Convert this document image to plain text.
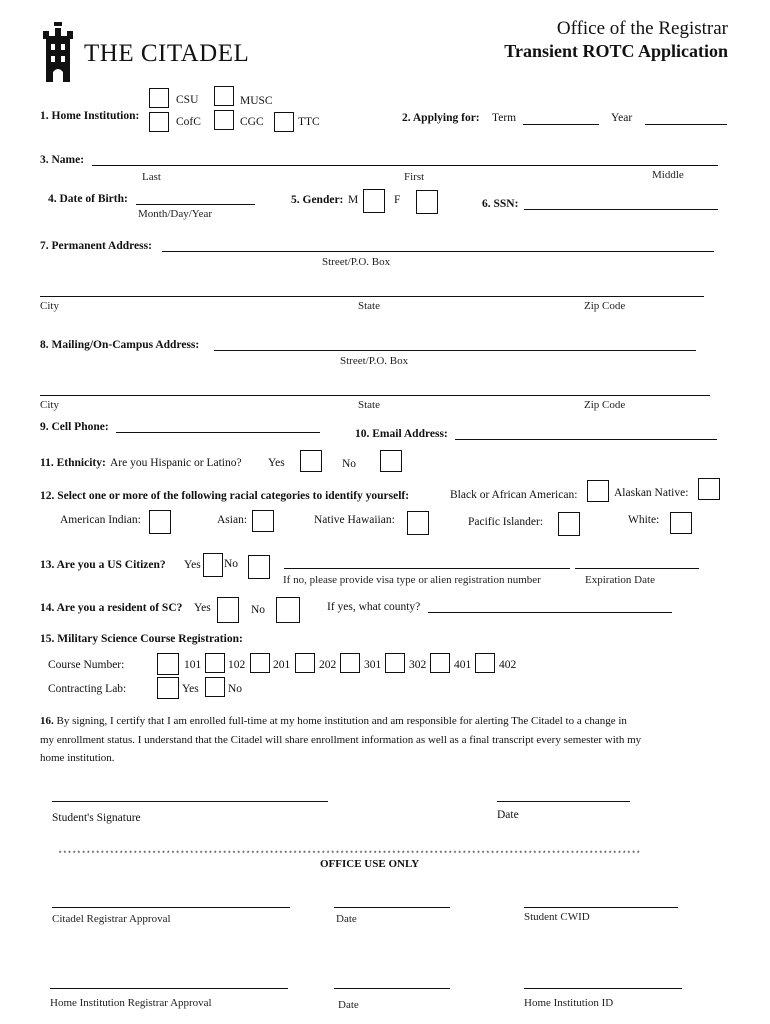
THE CITADEL
Office of the Registrar
Transient ROTC Application
1. Home Institution:
CSU	MUSC
CofC	CGC	TTC	2. Applying for: Term	Year
3. Name:
Last	First	Middle
4. Date of Birth:
Month/Day/Year
5. Gender: M	F	6. SSN:
7. Permanent Address:
Street/P.O. Box
City	State	Zip Code
8. Mailing/On-Campus Address:
Street/P.O. Box
City	State	Zip Code
9. Cell Phone:
10. Email Address:
11. Ethnicity: Are you Hispanic or Latino? Yes	No
12. Select one or more of the following racial categories to identify yourself:	Black or African American:	Alaskan Native:
American Indian:	Asian:	Native Hawaiian:	Pacific Islander:	White:
13. Are you a US Citizen? Yes No
If no, please provide visa type or alien registration number	Expiration Date
14. Are you a resident of SC? Yes	No	If yes, what county?
15. Military Science Course Registration:
Course Number:	101 102 201	202 301 302 401 402
Contracting Lab:	Yes	No
16. By signing, I certify that I am enrolled full-time at my home institution and am responsible for alerting The Citadel to a change in
my enrollment status. I understand that the Citadel will share enrollment information as well as a final transcript every semester with my
home institution.
Student's Signature	Date
****************************************************************************************************************************
OFFICE USE ONLY
Citadel Registrar Approval	Date	Student CWID
Home Institution Registrar Approval	Date	Home Institution ID
